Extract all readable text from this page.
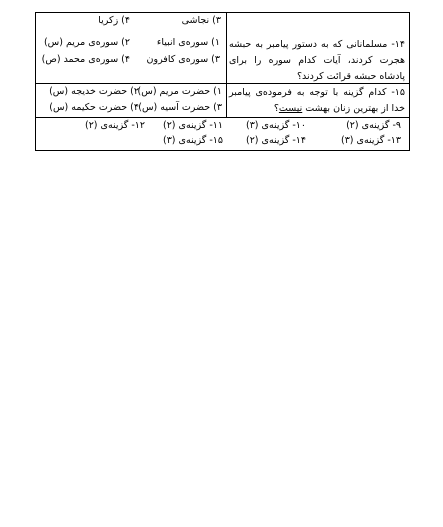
۳) نجاشی
۴) زکریا
۱۴- مسلمانانی که به دستور پیامبر به حبشه هجرت کردند، آیات کدام سوره را برای پادشاه حبشه قرائت کردند؟
۱) سوره‌ی انبیاء
۲) سوره‌ی مریم (س)
۳) سوره‌ی کافرون
۴) سوره‌ی محمد (ص)
۱۵- کدام گزینه با توجه به فرموده‌ی پیامبر خدا از بهترین زنان بهشت نیست؟
۱) حضرت مریم (س)
۲) حضرت خدیجه (س)
۳) حضرت آسیه (س)
۴) حضرت حکیمه (س)
۹- گزینه‌ی (۲)
۱۰- گزینه‌ی (۳)
۱۱- گزینه‌ی (۲)
۱۲- گزینه‌ی (۲)
۱۳- گزینه‌ی (۳)
۱۴- گزینه‌ی (۲)
۱۵- گزینه‌ی (۳)
